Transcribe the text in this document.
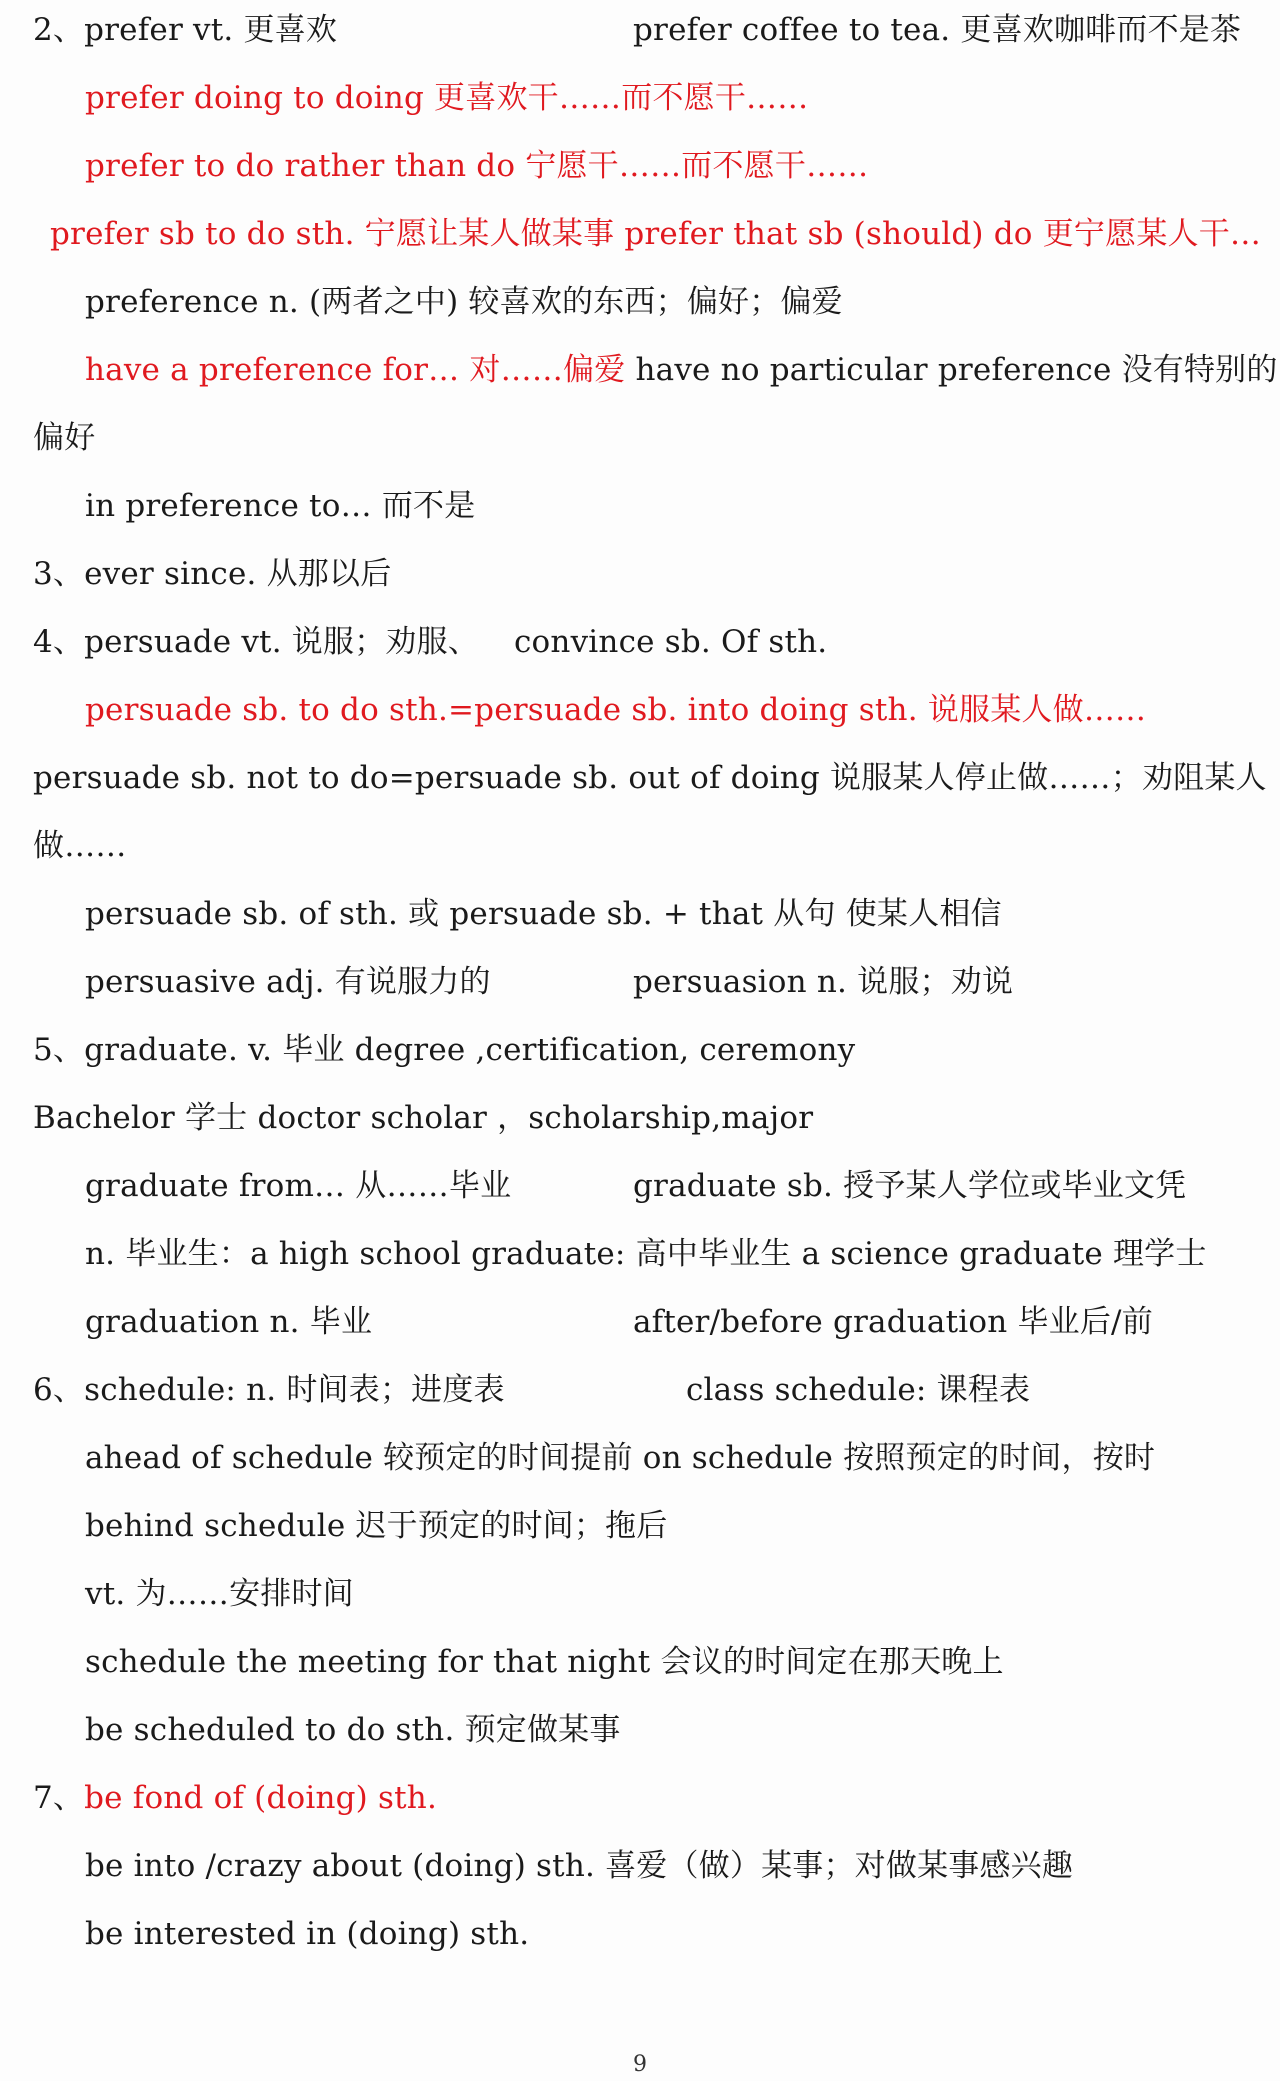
2、prefer vt. 更喜欢	prefer coffee to tea. 更喜欢咖啡而不是茶
prefer doing to doing 更喜欢干……而不愿干……
prefer to do rather than do 宁愿干……而不愿干……
prefer sb to do sth. 宁愿让某人做某事 prefer that sb (should) do 更宁愿某人干…
preference n. (两者之中) 较喜欢的东西；偏好；偏爱
have a preference for… 对……偏爱 have no particular preference 没有特别的
偏好
in preference to… 而不是
3、ever since. 从那以后
4、persuade vt. 说服；劝服、 convince sb. Of sth.
persuade sb. to do sth.=persuade sb. into doing sth. 说服某人做……
persuade sb. not to do=persuade sb. out of doing 说服某人停止做……；劝阻某人
做……
persuade sb. of sth. 或 persuade sb. + that 从句 使某人相信
persuasive adj. 有说服力的	persuasion n. 说服；劝说
5、graduate. v. 毕业 degree ,certification, ceremony
Bachelor 学士 doctor scholar ，scholarship,major
graduate from… 从……毕业	graduate sb. 授予某人学位或毕业文凭
n. 毕业生：a high school graduate: 高中毕业生 a science graduate 理学士
graduation n. 毕业	after/before graduation 毕业后/前
6、schedule: n. 时间表；进度表	class schedule: 课程表
ahead of schedule 较预定的时间提前 on schedule 按照预定的时间，按时
behind schedule 迟于预定的时间；拖后
vt. 为……安排时间
schedule the meeting for that night 会议的时间定在那天晚上
be scheduled to do sth. 预定做某事
7、be fond of (doing) sth.
be into /crazy about (doing) sth. 喜爱（做）某事；对做某事感兴趣
be interested in (doing) sth.
9
